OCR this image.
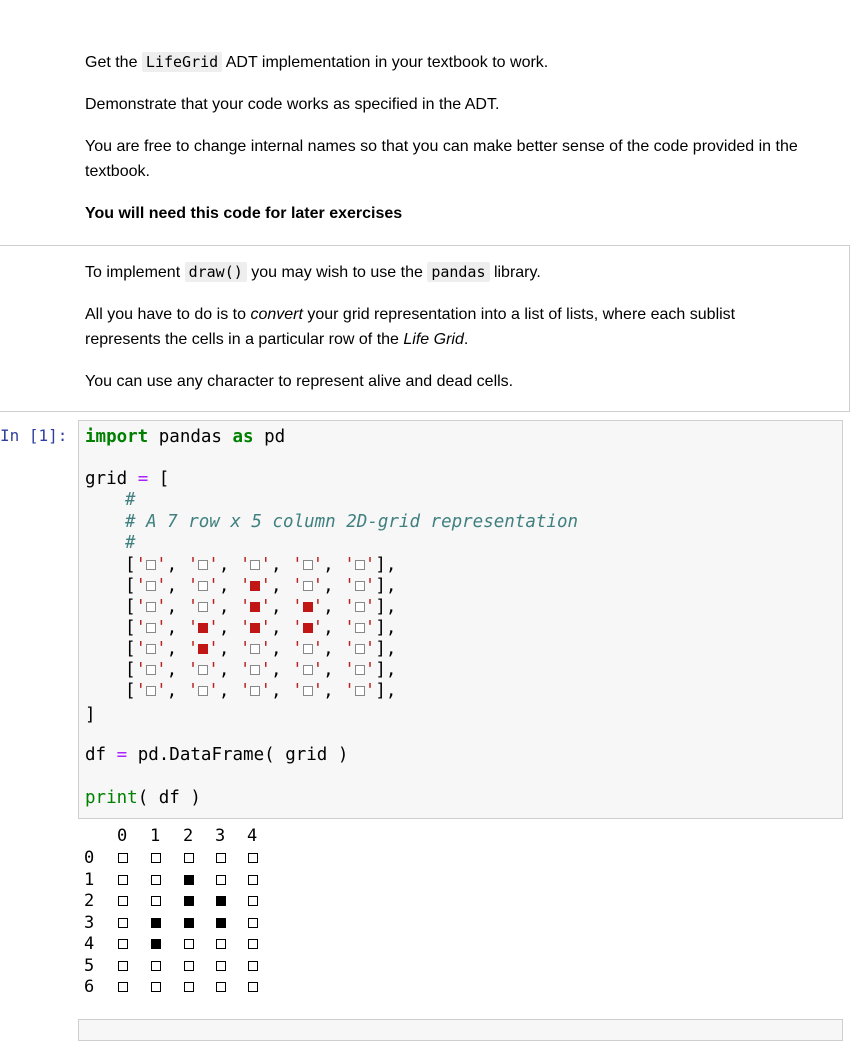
Get the LifeGrid ADT implementation in your textbook to work.

Demonstrate that your code works as specified in the ADT.

You are free to change internal names so that you can make better sense of the code provided in the textbook.

You will need this code for later exercises

To implement draw() you may wish to use the pandas library.

All you have to do is to convert your grid representation into a list of lists, where each sublist represents the cells in a particular row of the Life Grid.

You can use any character to represent alive and dead cells.

In [1]: import pandas as pd
grid = [
#
# A 7 row x 5 column 2D-grid representation
#
[' ', ' ', ' ', ' ', ' '],
[' ', ' ', ' ', ' ', ' '],
[' ', ' ', ' ', ' ', ' '],
[' ', ' ', ' ', ' ', ' '],
[' ', ' ', ' ', ' ', ' '],
[' ', ' ', ' ', ' ', ' '],
[' ', ' ', ' ', ' ', ' '],
]
df = pd.DataFrame( grid )
print( df )
0 1 2 3 4
0
1
2
3
4
5
6
